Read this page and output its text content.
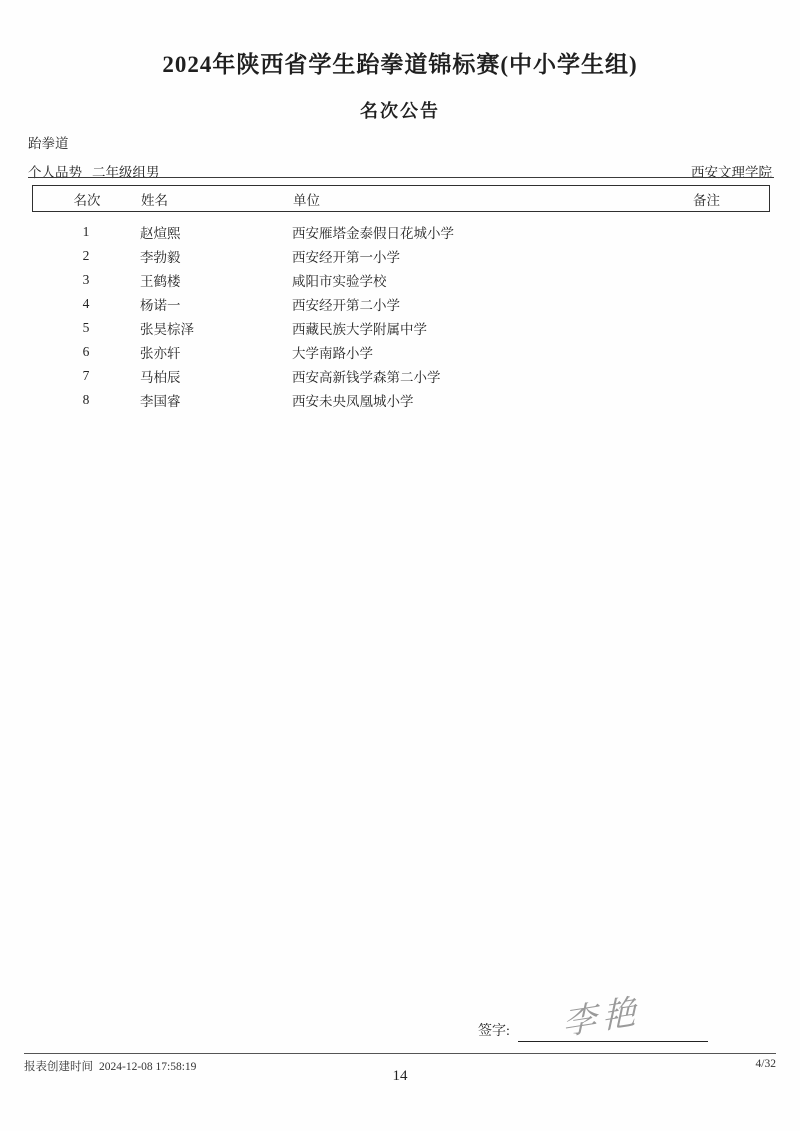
2024年陕西省学生跆拳道锦标赛(中小学生组)
名次公告
跆拳道
个人品势 二年级组男	西安文理学院
名次	姓名	单位	备注
1	赵煊熙	西安雁塔金泰假日花城小学
2	李勃毅	西安经开第一小学
3	王鹤楼	咸阳市实验学校
4	杨诺一	西安经开第二小学
5	张昊棕泽	西藏民族大学附属中学
6	张亦轩	大学南路小学
7	马柏辰	西安高新钱学森第二小学
8	李国睿	西安未央凤凰城小学
签字: 李艳
报表创建时间 2024-12-08 17:58:19	4/32
14
